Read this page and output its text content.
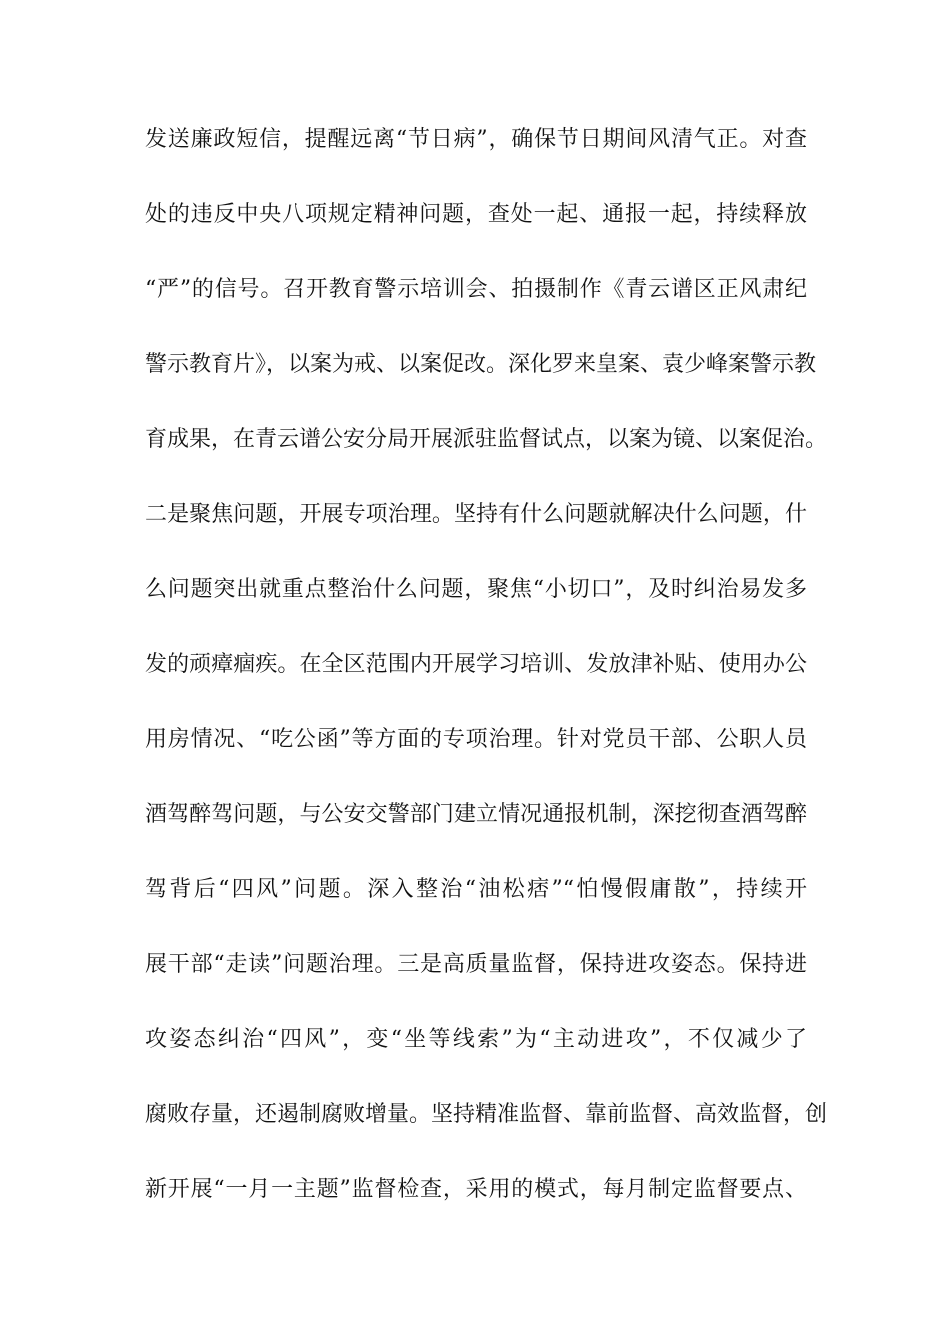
发送廉政短信，提醒远离“节日病”，确保节日期间风清气正。对查
处的违反中央八项规定精神问题，查处一起、通报一起，持续释放
“严”的信号。召开教育警示培训会、拍摄制作《青云谱区正风肃纪
警示教育片》，以案为戒、以案促改。深化罗来皇案、袁少峰案警示教
育成果，在青云谱公安分局开展派驻监督试点，以案为镜、以案促治。
二是聚焦问题，开展专项治理。坚持有什么问题就解决什么问题，什
么问题突出就重点整治什么问题，聚焦“小切口”，及时纠治易发多
发的顽瘴痼疾。在全区范围内开展学习培训、发放津补贴、使用办公
用房情况、“吃公函”等方面的专项治理。针对党员干部、公职人员
酒驾醉驾问题，与公安交警部门建立情况通报机制，深挖彻查酒驾醉
驾背后“四风”问题。深入整治“油松痞”“怕慢假庸散”，持续开
展干部“走读”问题治理。三是高质量监督，保持进攻姿态。保持进
攻姿态纠治“四风”，变“坐等线索”为“主动进攻”，不仅减少了
腐败存量，还遏制腐败增量。坚持精准监督、靠前监督、高效监督，创
新开展“一月一主题”监督检查，采用的模式，每月制定监督要点、
